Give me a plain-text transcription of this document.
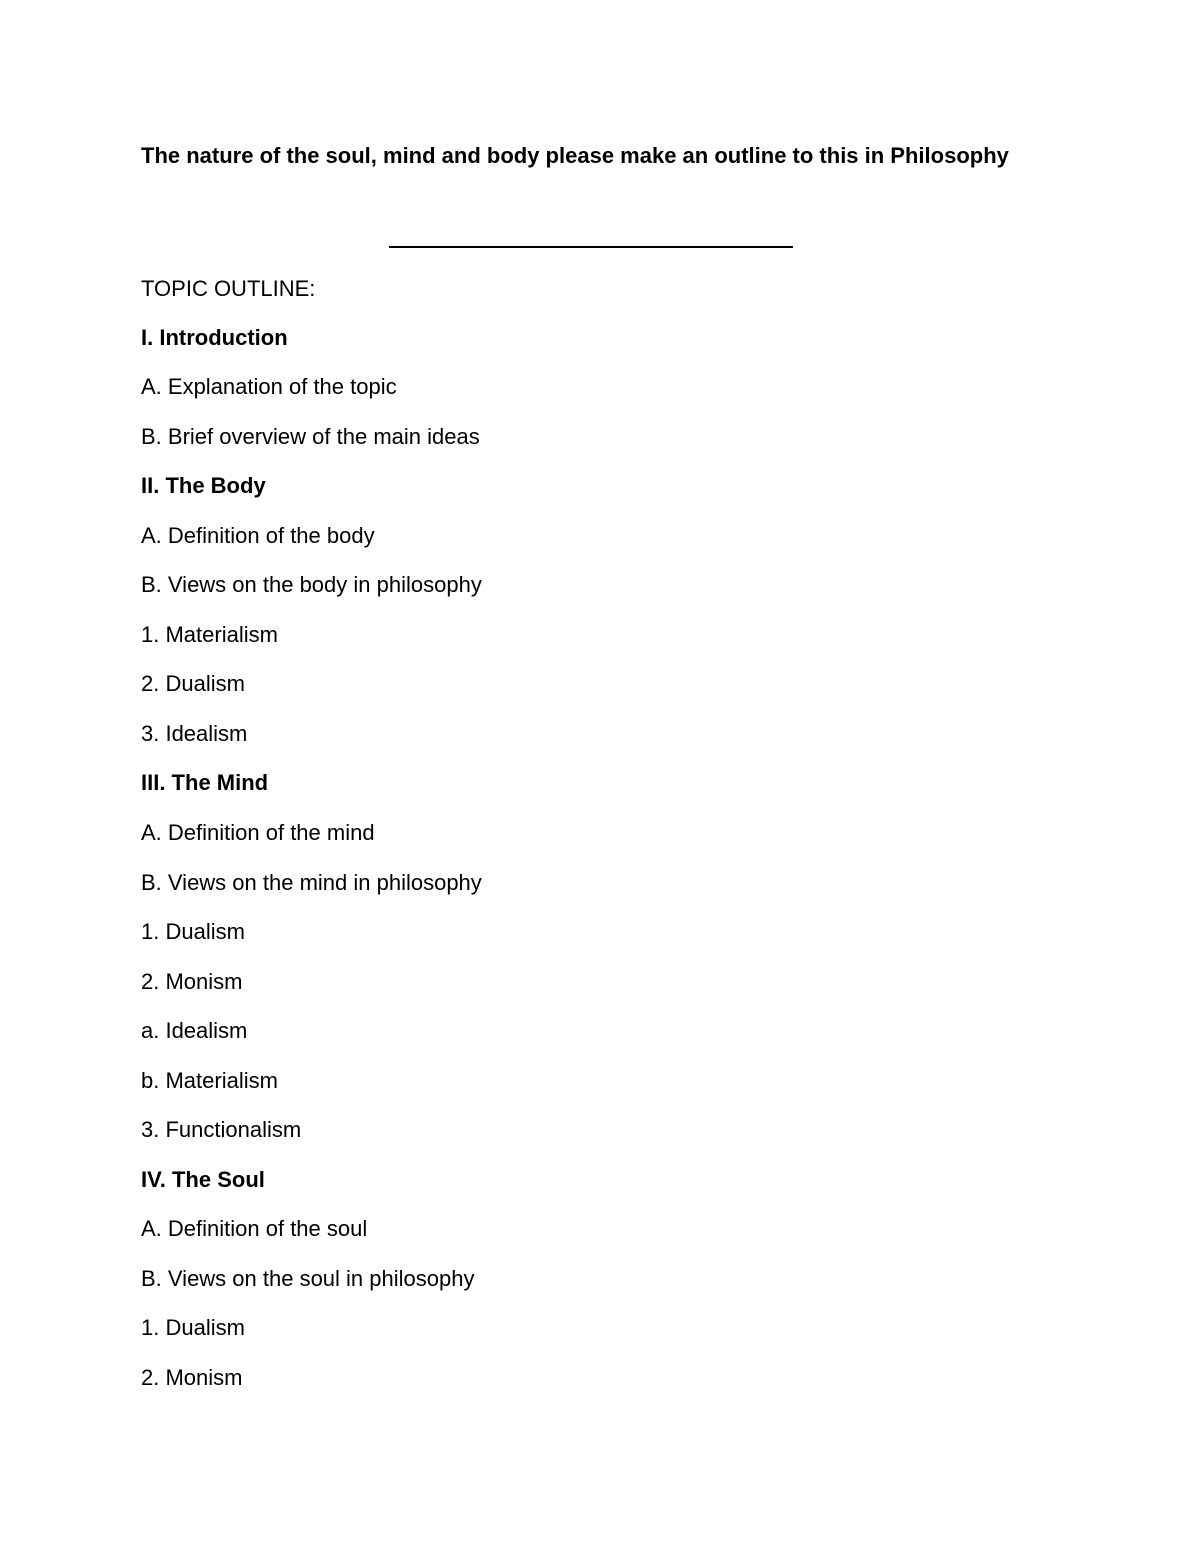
The nature of the soul, mind and body please make an outline to this in Philosophy

TOPIC OUTLINE:
I. Introduction
A. Explanation of the topic
B. Brief overview of the main ideas
II. The Body
A. Definition of the body
B. Views on the body in philosophy
1. Materialism
2. Dualism
3. Idealism
III. The Mind
A. Definition of the mind
B. Views on the mind in philosophy
1. Dualism
2. Monism
a. Idealism
b. Materialism
3. Functionalism
IV. The Soul
A. Definition of the soul
B. Views on the soul in philosophy
1. Dualism
2. Monism
